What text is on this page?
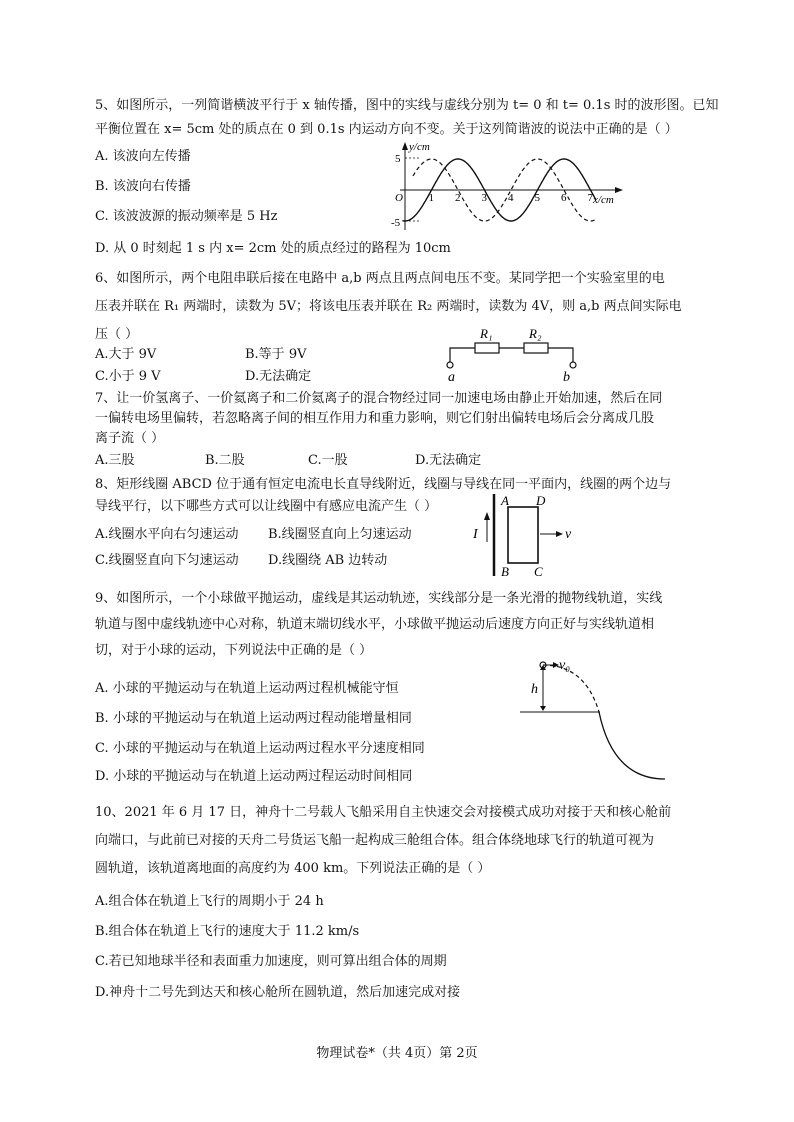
5、如图所示，一列简谐横波平行于 x 轴传播，图中的实线与虚线分别为 t= 0 和 t= 0.1s 时的波形图。已知
平衡位置在 x= 5cm 处的质点在 0 到 0.1s 内运动方向不变。关于这列简谐波的说法中正确的是（ ）
A. 该波向左传播
B. 该波向右传播
C. 该波波源的振动频率是 5 Hz
D. 从 0 时刻起 1 s 内 x= 2cm 处的质点经过的路程为 10cm
y/cm
x/cm
O
5
-5
1 2 3 4 5 6 7
6、如图所示，两个电阻串联后接在电路中 a,b 两点且两点间电压不变。某同学把一个实验室里的电
压表并联在 R₁ 两端时，读数为 5V；将该电压表并联在 R₂ 两端时，读数为 4V，则 a,b 两点间实际电
压（ ）
A.大于 9V	B.等于 9V
C.小于 9 V	D.无法确定
R₁	R₂
a	b
7、让一价氢离子、一价氦离子和二价氦离子的混合物经过同一加速电场由静止开始加速，然后在同
一偏转电场里偏转，若忽略离子间的相互作用力和重力影响，则它们射出偏转电场后会分离成几股
离子流（ ）
A.三股	B.二股	C.一股	D.无法确定
8、矩形线圈 ABCD 位于通有恒定电流电长直导线附近，线圈与导线在同一平面内，线圈的两个边与
导线平行，以下哪些方式可以让线圈中有感应电流产生（ ）
A.线圈水平向右匀速运动 B.线圈竖直向上匀速运动
C.线圈竖直向下匀速运动 D.线圈绕 AB 边转动
I
A D
B C
v
9、如图所示，一个小球做平抛运动，虚线是其运动轨迹，实线部分是一条光滑的抛物线轨道，实线
轨道与图中虚线轨迹中心对称，轨道末端切线水平，小球做平抛运动后速度方向正好与实线轨道相
切，对于小球的运动，下列说法中正确的是（ ）
A. 小球的平抛运动与在轨道上运动两过程机械能守恒
B. 小球的平抛运动与在轨道上运动两过程动能增量相同
C. 小球的平抛运动与在轨道上运动两过程水平分速度相同
D. 小球的平抛运动与在轨道上运动两过程运动时间相同
v₀
h
10、2021 年 6 月 17 日，神舟十二号载人飞船采用自主快速交会对接模式成功对接于天和核心舱前
向端口，与此前已对接的天舟二号货运飞船一起构成三舱组合体。组合体绕地球飞行的轨道可视为
圆轨道，该轨道离地面的高度约为 400 km。下列说法正确的是（ ）
A.组合体在轨道上飞行的周期小于 24 h
B.组合体在轨道上飞行的速度大于 11.2 km/s
C.若已知地球半径和表面重力加速度，则可算出组合体的周期
D.神舟十二号先到达天和核心舱所在圆轨道，然后加速完成对接
物理试卷*（共 4页）第 2页
